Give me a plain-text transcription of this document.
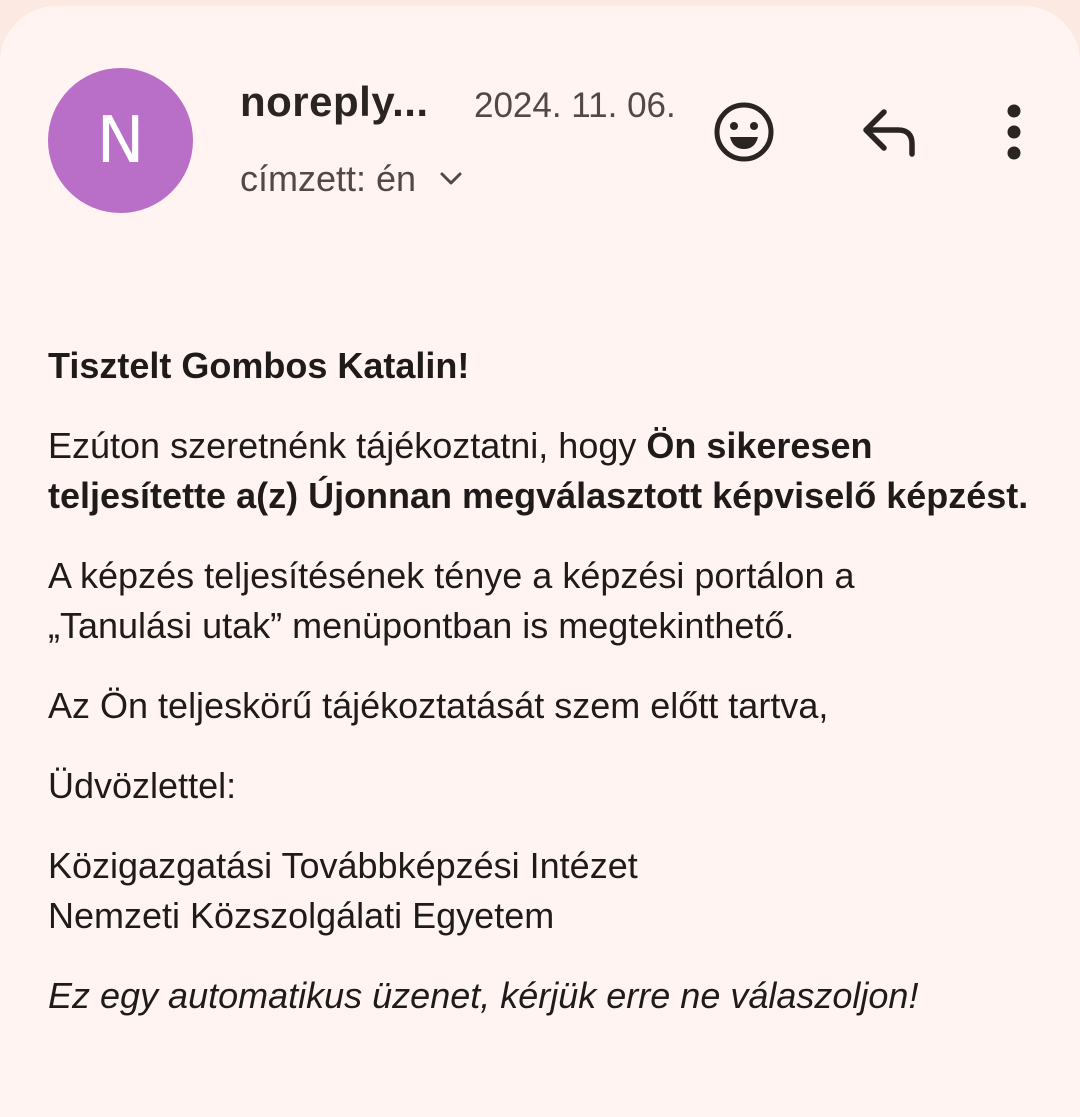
N
noreply... 2024. 11. 06.
címzett: én

Tisztelt Gombos Katalin!

Ezúton szeretnénk tájékoztatni, hogy Ön sikeresen teljesítette a(z) Újonnan megválasztott képviselő képzést.

A képzés teljesítésének ténye a képzési portálon a
„Tanulási utak” menüpontban is megtekinthető.

Az Ön teljeskörű tájékoztatását szem előtt tartva,

Üdvözlettel:

Közigazgatási Továbbképzési Intézet
Nemzeti Közszolgálati Egyetem

Ez egy automatikus üzenet, kérjük erre ne válaszoljon!
